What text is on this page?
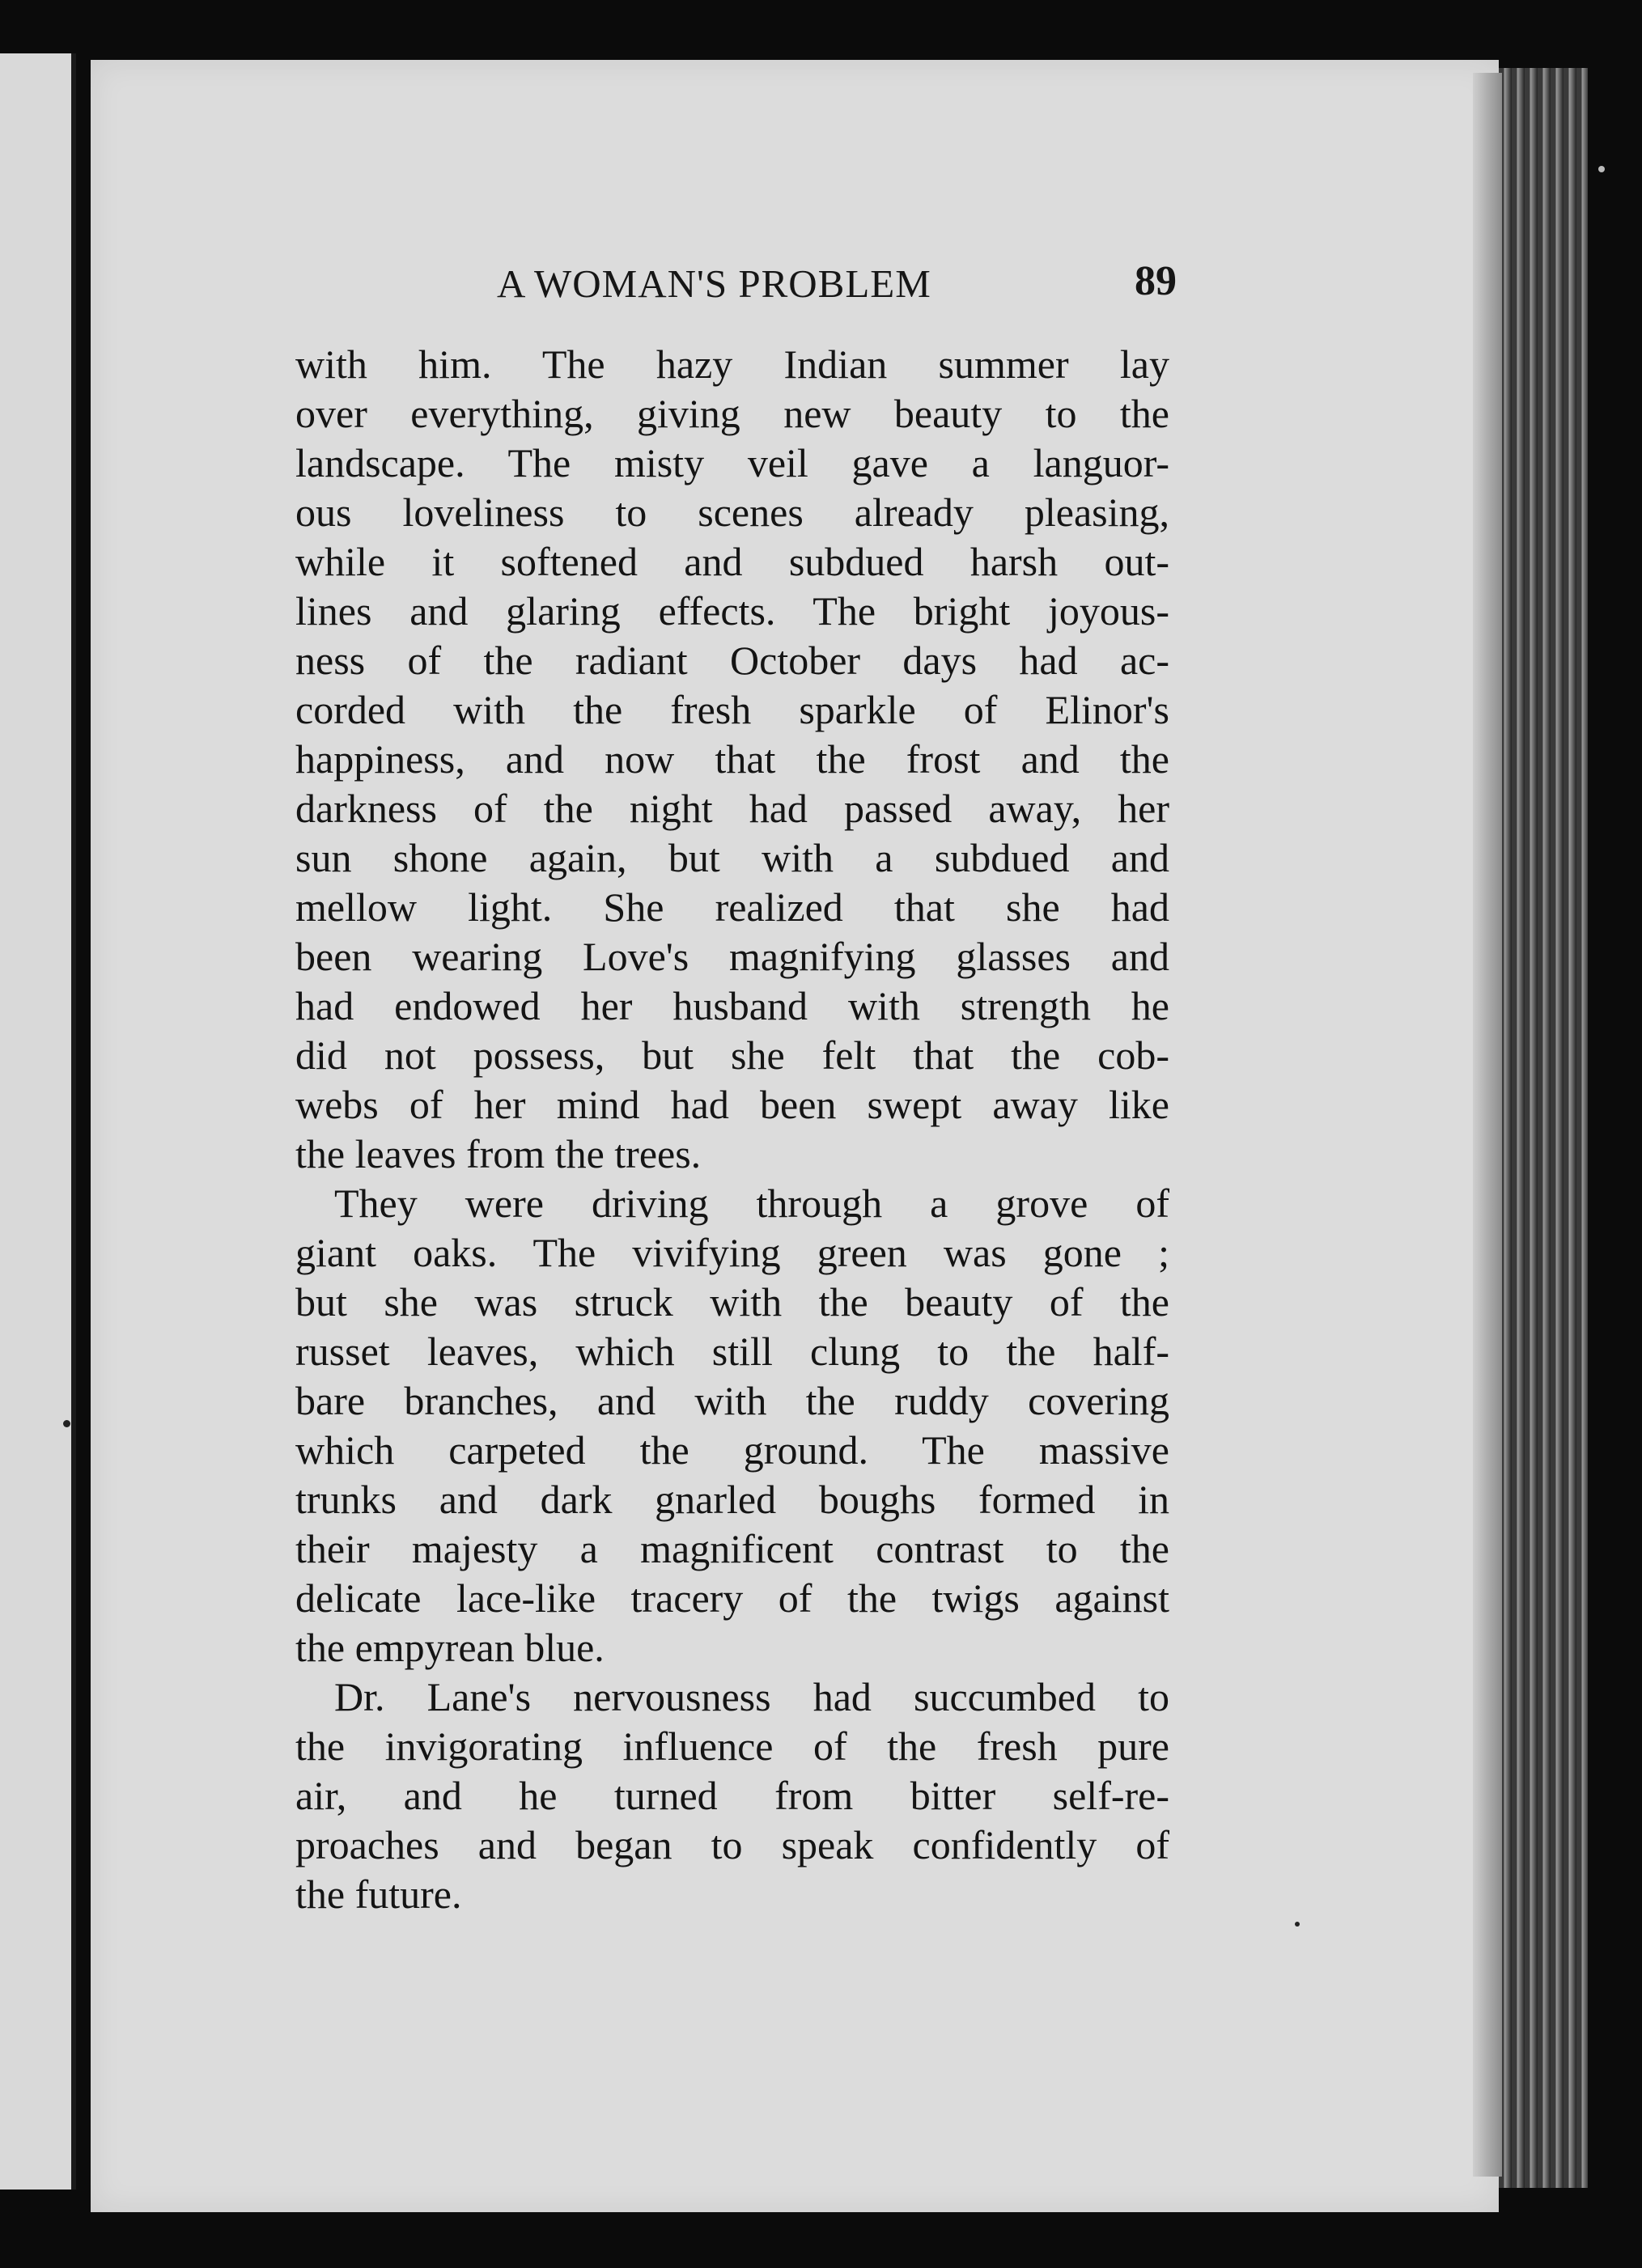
A WOMAN'S PROBLEM	89
with him. The hazy Indian summer lay
over everything, giving new beauty to the
landscape. The misty veil gave a languor-
ous loveliness to scenes already pleasing,
while it softened and subdued harsh out-
lines and glaring effects. The bright joyous-
ness of the radiant October days had ac-
corded with the fresh sparkle of Elinor's
happiness, and now that the frost and the
darkness of the night had passed away, her
sun shone again, but with a subdued and
mellow light. She realized that she had
been wearing Love's magnifying glasses and
had endowed her husband with strength he
did not possess, but she felt that the cob-
webs of her mind had been swept away like
the leaves from the trees.
They were driving through a grove of
giant oaks. The vivifying green was gone ;
but she was struck with the beauty of the
russet leaves, which still clung to the half-
bare branches, and with the ruddy covering
which carpeted the ground. The massive
trunks and dark gnarled boughs formed in
their majesty a magnificent contrast to the
delicate lace-like tracery of the twigs against
the empyrean blue.
Dr. Lane's nervousness had succumbed to
the invigorating influence of the fresh pure
air, and he turned from bitter self-re-
proaches and began to speak confidently of
the future.
